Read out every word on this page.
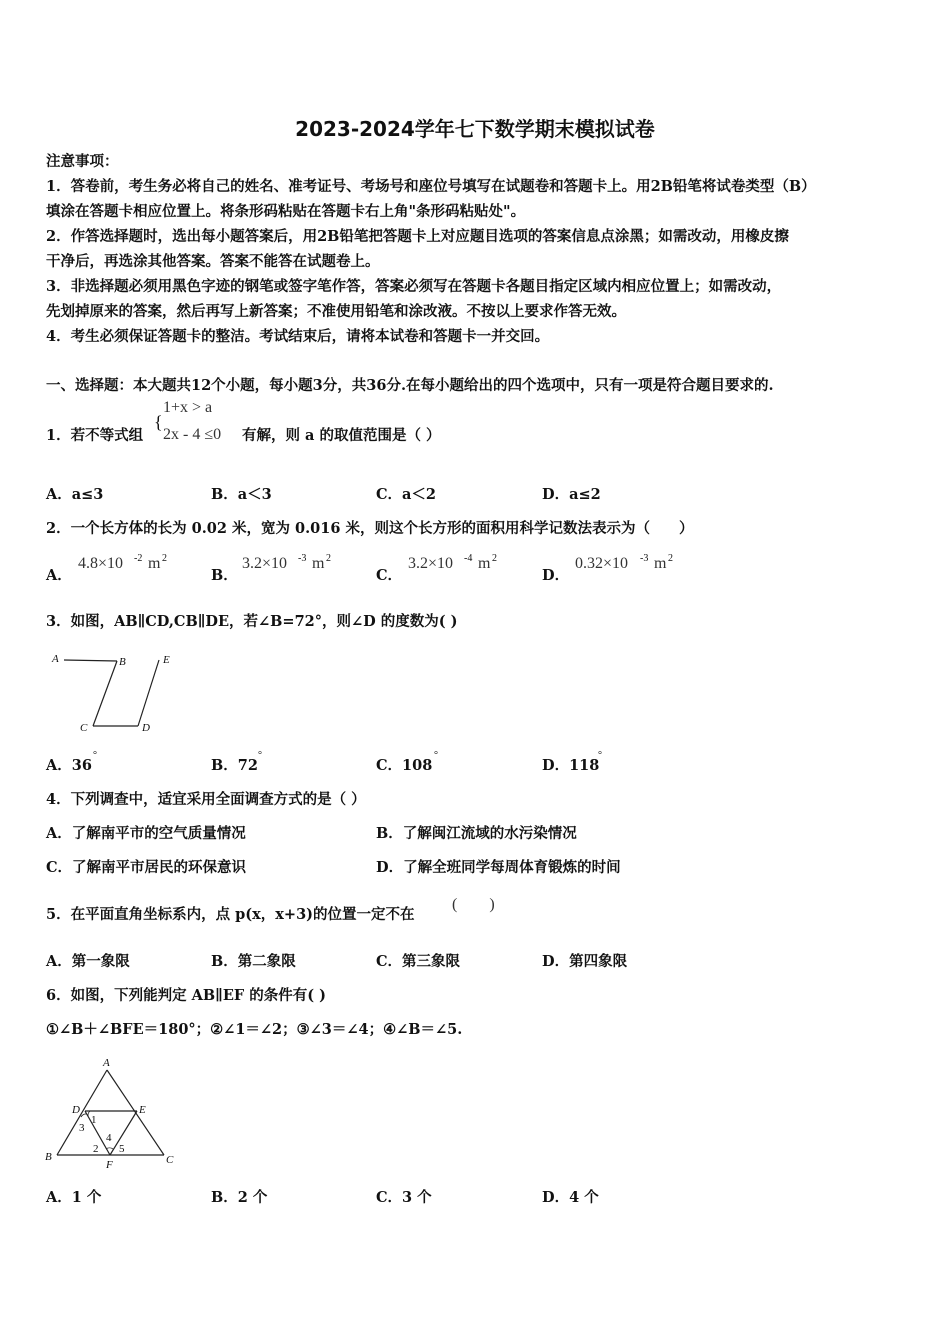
2023-2024学年七下数学期末模拟试卷
注意事项：
1．答卷前，考生务必将自己的姓名、准考证号、考场号和座位号填写在试题卷和答题卡上。用2B铅笔将试卷类型（B）
填涂在答题卡相应位置上。将条形码粘贴在答题卡右上角"条形码粘贴处"。
2．作答选择题时，选出每小题答案后，用2B铅笔把答题卡上对应题目选项的答案信息点涂黑；如需改动，用橡皮擦
干净后，再选涂其他答案。答案不能答在试题卷上。
3．非选择题必须用黑色字迹的钢笔或签字笔作答，答案必须写在答题卡各题目指定区域内相应位置上；如需改动，
先划掉原来的答案，然后再写上新答案；不准使用铅笔和涂改液。不按以上要求作答无效。
4．考生必须保证答题卡的整洁。考试结束后，请将本试卷和答题卡一并交回。
一、选择题：本大题共12个小题，每小题3分，共36分.在每小题给出的四个选项中，只有一项是符合题目要求的.
1．若不等式组
{
1+x > a
2x - 4 ≤0 有解，则 a 的取值范围是（ ）
A．a≤3	B．a＜3	C．a＜2	D．a≤2
2．一个长方体的长为 0.02 米，宽为 0.016 米，则这个长方形的面积用科学记数法表示为（　　）
A．
4.8×10 -2 m 2
B．
3.2×10 -3 m 2
C．
3.2×10 -4 m 2
D．
0.32×10 -3 m 2
3．如图，AB∥CD,CB∥DE，若∠B=72°，则∠D 的度数为( )
A	B	E
C	D
A．36
°
B．72
°
C．108
°
D．118
°
4．下列调查中，适宜采用全面调查方式的是（ ）
A．了解南平市的空气质量情况	B．了解闽江流域的水污染情况
C．了解南平市居民的环保意识	D．了解全班同学每周体育锻炼的时间
5．在平面直角坐标系内，点 p(x，x+3)的位置一定不在
(　　)
A．第一象限	B．第二象限	C．第三象限	D．第四象限
6．如图，下列能判定 AB∥EF 的条件有( )
①∠B＋∠BFE＝180°；②∠1＝∠2；③∠3＝∠4；④∠B＝∠5.
A
D	E
1
3
4
2 5
B
F	C
A．1 个	B．2 个	C．3 个	D．4 个
